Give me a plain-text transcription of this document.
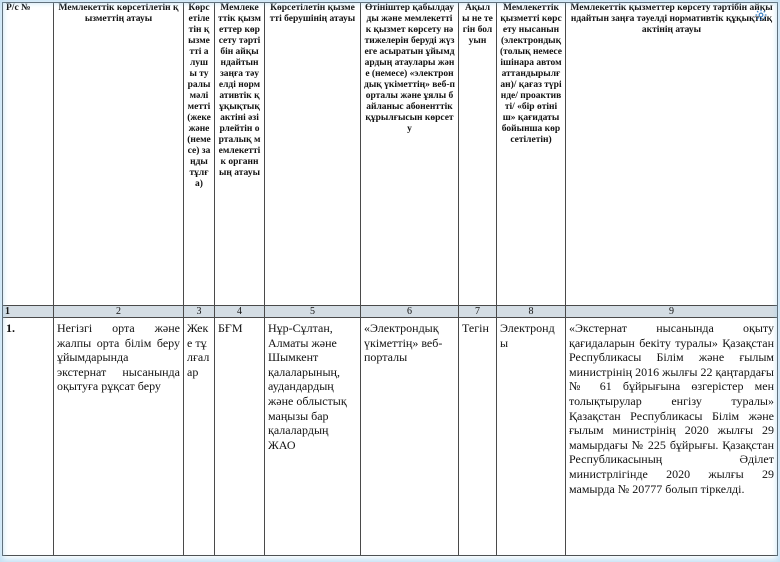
Р/с №	Мемлекеттік көрсетілетін қызметтің атауы	Көрсетілетін қызметті алушы туралы мәліметті (жеке және (немесе) заңды тұлға)	Мемлекеттік қызметтер көрсету тәртібін айқындайтын заңға тәуелді нормативтік құқықтық актіні әзірлейтін орталық мемлекеттік органның атауы	Көрсетілетін қызметті берушінің атауы	Өтініштер қабылдауды және мемлекеттік қызмет көрсету нәтижелерін беруді жүзеге асыратын ұйымдардың атаулары және (немесе) «электрондық үкіметтің» веб-порталы және ұялы байланыс абоненттік құрылғысын көрсету	Ақылы не тегін болуын	Мемлекеттік қызметті көрсету нысанын (электрондық (толық немесе ішінара автоматтандырылған)/ қағаз түрінде/ проактивті/ «бір өтініш» қағидаты бойынша көрсетілетін)	Мемлекеттік қызметтер көрсету тәртібін айқындайтын заңға тәуелді нормативтік құқықтық актінің атауы
1	2	3	4	5	6	7	8	9
1.	Негізгі орта және жалпы орта білім беру ұйымдарында экстернат нысанында оқытуға рұқсат беру	Жеке тұлғалар	БҒМ	Нұр-Сұлтан, Алматы және Шымкент қалаларының, аудандардың және облыстық маңызы бар қалалардың ЖАО	«Электрондық үкіметтің» веб-порталы	Тегін	Электронды	«Экстернат нысанында оқыту қағидаларын бекіту туралы» Қазақстан Республикасы Білім және ғылым министрінің 2016 жылғы 22 қаңтардағы № 61 бұйрығына өзгерістер мен толықтырулар енгізу туралы» Қазақстан Республикасы Білім және ғылым министрінің 2020 жылғы 29 мамырдағы № 225 бұйрығы. Қазақстан Республикасының Әділет министрлігінде 2020 жылғы 29 мамырда № 20777 болып тіркелді.
